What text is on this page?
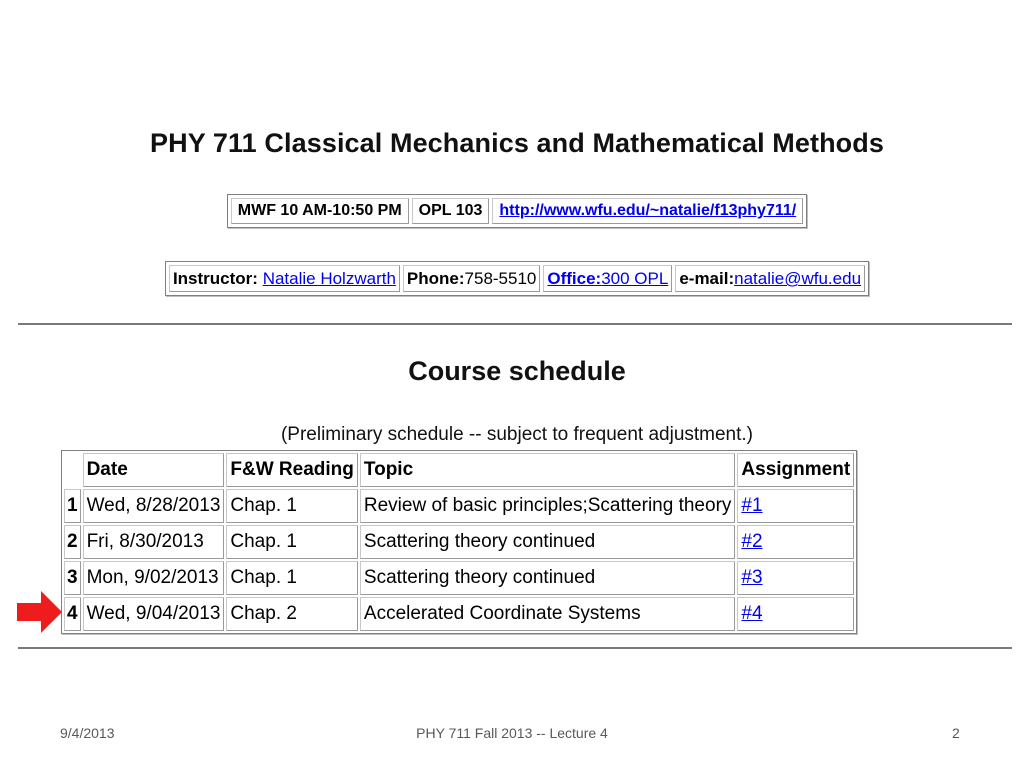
PHY 711 Classical Mechanics and Mathematical Methods
MWF 10 AM-10:50 PM	OPL 103	http://www.wfu.edu/~natalie/f13phy711/
Instructor: Natalie Holzwarth	Phone:758-5510	Office:300 OPL	e-mail:natalie@wfu.edu
Course schedule
(Preliminary schedule -- subject to frequent adjustment.)
	Date	F&W Reading	Topic	Assignment
1	Wed, 8/28/2013	Chap. 1	Review of basic principles;Scattering theory	#1
2	Fri, 8/30/2013	Chap. 1	Scattering theory continued	#2
3	Mon, 9/02/2013	Chap. 1	Scattering theory continued	#3
4	Wed, 9/04/2013	Chap. 2	Accelerated Coordinate Systems	#4
9/4/2013	PHY 711 Fall 2013 -- Lecture 4	2
